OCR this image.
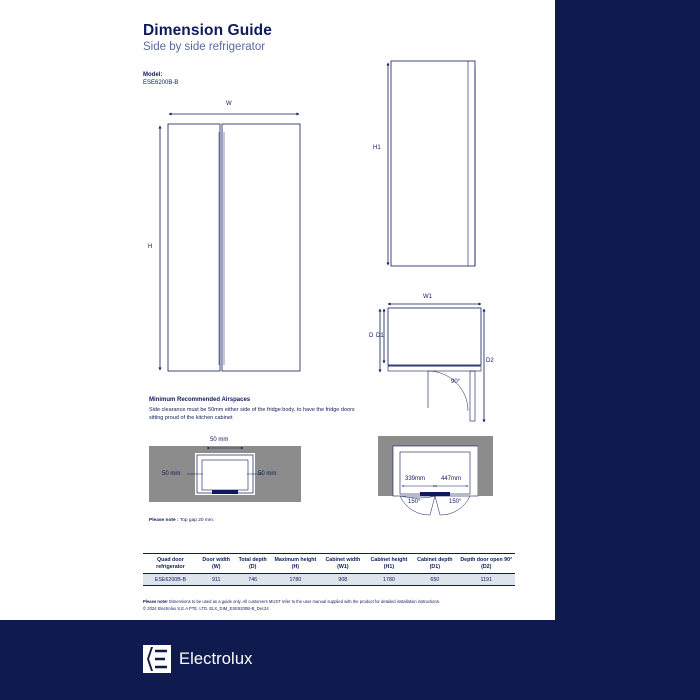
Dimension Guide
Side by side refrigerator
Model:
ESE6200B-B
W
H
H1
W1
D D1
D2
90°
Minimum Recommended Airspaces
Side clearance must be 50mm either side of the fridge body, to have the fridge doors sitting proud of the kitchen cabinet
50 mm
50 mm	50 mm
Please note : Top gap 20 mm.
339mm	447mm
150°	150°
Quad door refrigerator	Door width (W)	Total depth (D)	Maximum height (H)	Cabinet width (W1)	Cabinet height (H1)	Cabinet depth (D1)	Depth door open 90° (D2)
ESE6200B-B	911	746	1780	908	1780	650	1191
Please note! Dimensions to be used as a guide only. All customers MUST refer to the user manual supplied with the product for detailed installation instructions.
© 2024 Electrolux S.E.A PTE. LTD. ELX_DIM_ESE6200B-B_Dec24
Electrolux
